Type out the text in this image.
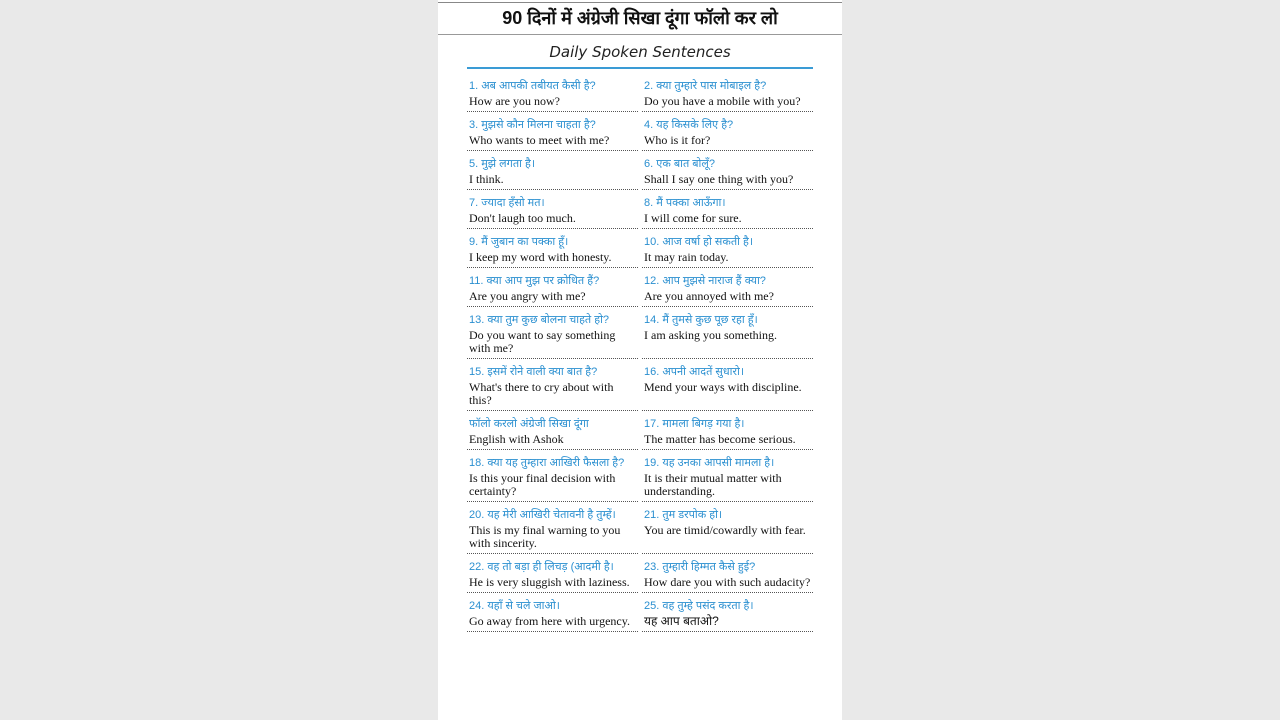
90 दिनों में अंग्रेजी सिखा दूंगा फॉलो कर लो
Daily Spoken Sentences
1. अब आपकी तबीयत कैसी है?
How are you now?
2. क्या तुम्हारे पास मोबाइल है?
Do you have a mobile with you?
3. मुझसे कौन मिलना चाहता है?
Who wants to meet with me?
4. यह किसके लिए है?
Who is it for?
5. मुझे लगता है।
I think.
6. एक बात बोलूँ?
Shall I say one thing with you?
7. ज्यादा हँसो मत।
Don't laugh too much.
8. मैं पक्का आऊँगा।
I will come for sure.
9. मैं जुबान का पक्का हूँ।
I keep my word with honesty.
10. आज वर्षा हो सकती है।
It may rain today.
11. क्या आप मुझ पर क्रोधित हैं?
Are you angry with me?
12. आप मुझसे नाराज हैं क्या?
Are you annoyed with me?
13. क्या तुम कुछ बोलना चाहते हो?
Do you want to say something with me?
14. मैं तुमसे कुछ पूछ रहा हूँ।
I am asking you something.
15. इसमें रोने वाली क्या बात है?
What's there to cry about with this?
16. अपनी आदतें सुधारो।
Mend your ways with discipline.
फॉलो करलो अंग्रेजी सिखा दूंगा
English with Ashok
17. मामला बिगड़ गया है।
The matter has become serious.
18. क्या यह तुम्हारा आखिरी फैसला है?
Is this your final decision with certainty?
19. यह उनका आपसी मामला है।
It is their mutual matter with understanding.
20. यह मेरी आखिरी चेतावनी है तुम्हें।
This is my final warning to you with sincerity.
21. तुम डरपोक हो।
You are timid/cowardly with fear.
22. वह तो बड़ा ही लिचड़ (आदमी है।
He is very sluggish with laziness.
23. तुम्हारी हिम्मत कैसे हुई?
How dare you with such audacity?
24. यहाँ से चले जाओ।
Go away from here with urgency.
25. वह तुम्हे पसंद करता है।
यह आप बताओ?
